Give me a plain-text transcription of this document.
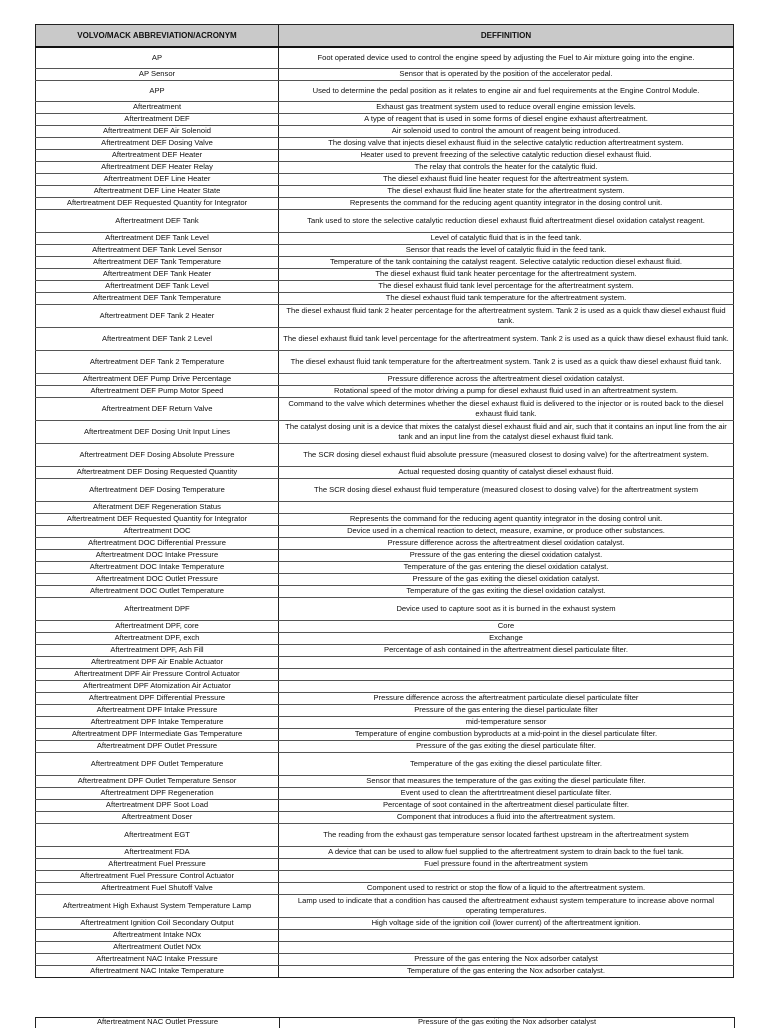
VOLVO/MACK ABBREVIATION/ACRONYM	DEFFINITION
AP	Foot operated device used to control the engine speed by adjusting the Fuel to Air mixture going into the engine.
AP Sensor	Sensor that is operated by the position of the accelerator pedal.
APP	Used to determine the pedal position as it relates to engine air and fuel requirements at the Engine Control Module.
Aftertreatment	Exhaust gas treatment system used to reduce overall engine emission levels.
Aftertreatment DEF	A type of reagent that is used in some forms of diesel engine exhaust aftertreatment.
Aftertreatment DEF Air Solenoid	Air solenoid used to control the amount of reagent being introduced.
Aftertreatment DEF Dosing Valve	The dosing valve that injects diesel exhaust fluid in the selective catalytic reduction aftertreatment system.
Aftertreatment DEF Heater	Heater used to prevent freezing of the selective catalytic reduction diesel exhaust fluid.
Aftertreatment DEF Heater Relay	The relay that controls the heater for the catalytic fluid.
Aftertreatment DEF Line Heater	The diesel exhaust fluid line heater request for the aftertreatment system.
Aftertreatment DEF Line Heater State	The diesel exhaust fluid line heater state for the aftertreatment system.
Aftertreatment DEF Requested Quantity for Integrator	Represents the command for the reducing agent quantity integrator in the dosing control unit.
Aftertreatment DEF Tank	Tank used to store the selective catalytic reduction diesel exhaust fluid aftertreatment diesel oxidation catalyst reagent.
Aftertreatment DEF Tank Level	Level of catalytic fluid that is in the feed tank.
Aftertreatment DEF Tank Level Sensor	Sensor that reads the level of catalytic fluid in the feed tank.
Aftertreatment DEF Tank Temperature	Temperature of the tank containing the catalyst reagent. Selective catalytic reduction diesel exhaust fluid.
Aftertreatment DEF Tank Heater	The diesel exhaust fluid tank heater percentage for the aftertreatment system.
Aftertreatment DEF Tank Level	The diesel exhaust fluid tank level percentage for the aftertreatment system.
Aftertreatment DEF Tank Temperature	The diesel exhaust fluid tank temperature for the aftertreatment system.
Aftertreatment DEF Tank 2 Heater	The diesel exhaust fluid tank 2 heater percentage for the aftertreatment system. Tank 2 is used as a quick thaw diesel exhaust fluid tank.
Aftertreatment DEF Tank 2 Level	The diesel exhaust fluid tank level percentage for the aftertreatment system. Tank 2 is used as a quick thaw diesel exhaust fluid tank.
Aftertreatment DEF Tank 2 Temperature	The diesel exhaust fluid tank temperature for the aftertreatment system. Tank 2 is used as a quick thaw diesel exhaust fluid tank.
Aftertreatment DEF Pump Drive Percentage	Pressure difference across the aftertreatment diesel oxidation catalyst.
Aftertreatment DEF Pump Motor Speed	Rotational speed of the motor driving a pump for diesel exhaust fluid used in an aftertreatment system.
Aftertreatment DEF Return Valve	Command to the valve which determines whether the diesel exhaust fluid is delivered to the injector or is routed back to the diesel exhaust fluid tank.
Aftertreatment DEF Dosing Unit Input Lines	The catalyst dosing unit is a device that mixes the catalyst diesel exhaust fluid and air, such that it contains an input line from the air tank and an input line from the catalyst diesel exhaust fluid tank.
Aftertreatment DEF Dosing Absolute Pressure	The SCR dosing diesel exhaust fluid absolute pressure (measured closest to dosing valve) for the aftertreatment system.
Aftertreatment DEF Dosing Requested Quantity	Actual requested dosing quantity of catalyst diesel exhaust fluid.
Aftertreatment DEF Dosing Temperature	The SCR dosing diesel exhaust fluid temperature (measured closest to dosing valve) for the aftertreatment system
Afteratment DEF Regeneration Status	
Aftertreatment DEF Requested Quantity for Integrator	Represents the command for the reducing agent quantity integrator in the dosing control unit.
Aftertreatment DOC	Device used in a chemical reaction to detect, measure, examine, or produce other substances.
Aftertreatment DOC Differential Pressure	Pressure difference across the aftertreatment diesel oxidation catalyst.
Aftertreatment DOC Intake Pressure	Pressure of the gas entering the diesel oxidation catalyst.
Aftertreatment DOC Intake Temperature	Temperature of the gas entering the diesel oxidation catalyst.
Aftertreatment DOC Outlet Pressure	Pressure of the gas exiting the diesel oxidation catalyst.
Aftertreatment DOC Outlet Temperature	Temperature of the gas exiting the diesel oxidation catalyst.
Aftertreatment DPF	Device used to capture soot as it is burned in the exhaust system
Aftertreatment DPF, core	Core
Aftertreatment DPF, exch	Exchange
Aftertreatment DPF, Ash Fill	Percentage of ash contained in the aftertreatment diesel particulate filter.
Aftertreatment DPF Air Enable Actuator	
Aftertreatment DPF Air Pressure Control Actuator	
Aftertreatment DPF Atomization Air Actuator	
Aftertreatment DPF Differential Pressure	Pressure difference across the aftertreatment particulate diesel particulate filter
Aftertreatment DPF Intake Pressure	Pressure of the gas entering the diesel particulate filter
Aftertreatment DPF Intake Temperature	mid-temperature sensor
Aftertreatment DPF Intermediate Gas Temperature	Temperature of engine combustion byproducts at a mid-point in the diesel particulate filter.
Aftertreatment DPF Outlet Pressure	Pressure of the gas exiting the diesel particulate filter.
Aftertreatment DPF Outlet Temperature	Temperature of the gas exiting the diesel particulate filter.
Aftertreatment DPF Outlet Temperature Sensor	Sensor that measures the temperature of the gas exiting the diesel particulate filter.
Aftertreatment DPF Regeneration	Event used to clean the aftertrtreatment diesel particulate filter.
Aftertreatment DPF Soot Load	Percentage of soot contained in the aftertreatment diesel particulate filter.
Aftertreatment Doser	Component that introduces a fluid into the aftertreatment system.
Aftertreatment EGT	The reading from the exhaust gas temperature sensor located farthest upstream in the aftertreatment system
Aftertreatment FDA	A device that can be used to allow fuel supplied to the aftertreatment system to drain back to the fuel tank.
Aftertreatment Fuel Pressure	Fuel pressure found in the aftertreatment system
Aftertreatment Fuel Pressure Control Actuator	
Aftertreatment Fuel Shutoff Valve	Component used to restrict or stop the flow of a liquid to the aftertreatment system.
Aftertreatment High Exhaust System Temperature Lamp	Lamp used to indicate that a condition has caused the aftertreatment exhaust system temperature to increase above normal operating temperatures.
Aftertreatment Ignition Coil Secondary Output	High voltage side of the ignition coil (lower current) of the aftertreatment ignition.
Aftertreatment Intake NOx	
Aftertreatment Outlet NOx	
Aftertreatment NAC Intake Pressure	Pressure of the gas entering the Nox adsorber catalyst
Aftertreatment NAC Intake Temperature	Temperature of the gas entering the Nox adsorber catalyst.
Aftertreatment NAC Outlet Pressure	Pressure of the gas exiting the Nox adsorber catalyst
